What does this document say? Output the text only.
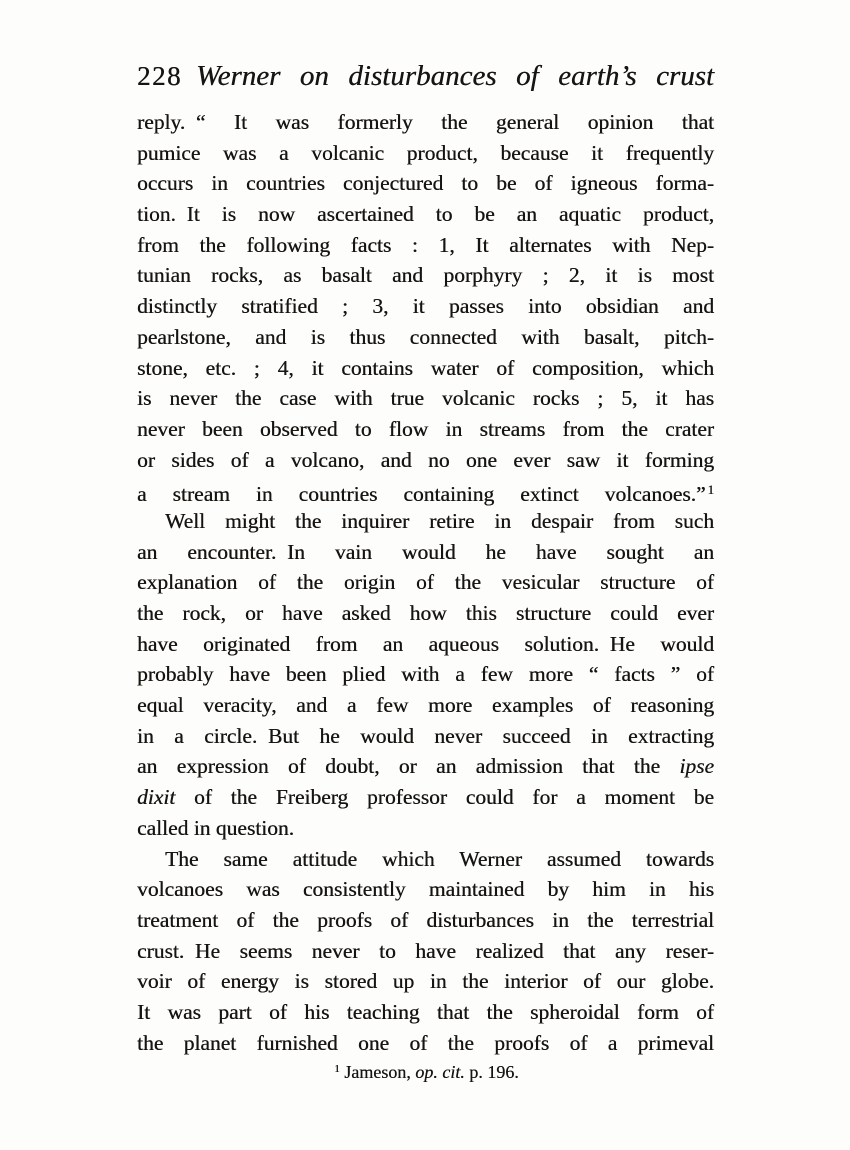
228 Werner on disturbances of earth’s crust
reply. “ It was formerly the general opinion that
pumice was a volcanic product, because it frequently
occurs in countries conjectured to be of igneous forma-
tion. It is now ascertained to be an aquatic product,
from the following facts : 1, It alternates with Nep-
tunian rocks, as basalt and porphyry ; 2, it is most
distinctly stratified ; 3, it passes into obsidian and
pearlstone, and is thus connected with basalt, pitch-
stone, etc. ; 4, it contains water of composition, which
is never the case with true volcanic rocks ; 5, it has
never been observed to flow in streams from the crater
or sides of a volcano, and no one ever saw it forming
a stream in countries containing extinct volcanoes.” $^1$
Well might the inquirer retire in despair from such
an encounter. In vain would he have sought an
explanation of the origin of the vesicular structure of
the rock, or have asked how this structure could ever
have originated from an aqueous solution. He would
probably have been plied with a few more “ facts ” of
equal veracity, and a few more examples of reasoning
in a circle. But he would never succeed in extracting
an expression of doubt, or an admission that the ipse
dixit of the Freiberg professor could for a moment be
called in question.
The same attitude which Werner assumed towards
volcanoes was consistently maintained by him in his
treatment of the proofs of disturbances in the terrestrial
crust. He seems never to have realized that any reser-
voir of energy is stored up in the interior of our globe.
It was part of his teaching that the spheroidal form of
the planet furnished one of the proofs of a primeval
$^1$ Jameson, op. cit. p. 196.
